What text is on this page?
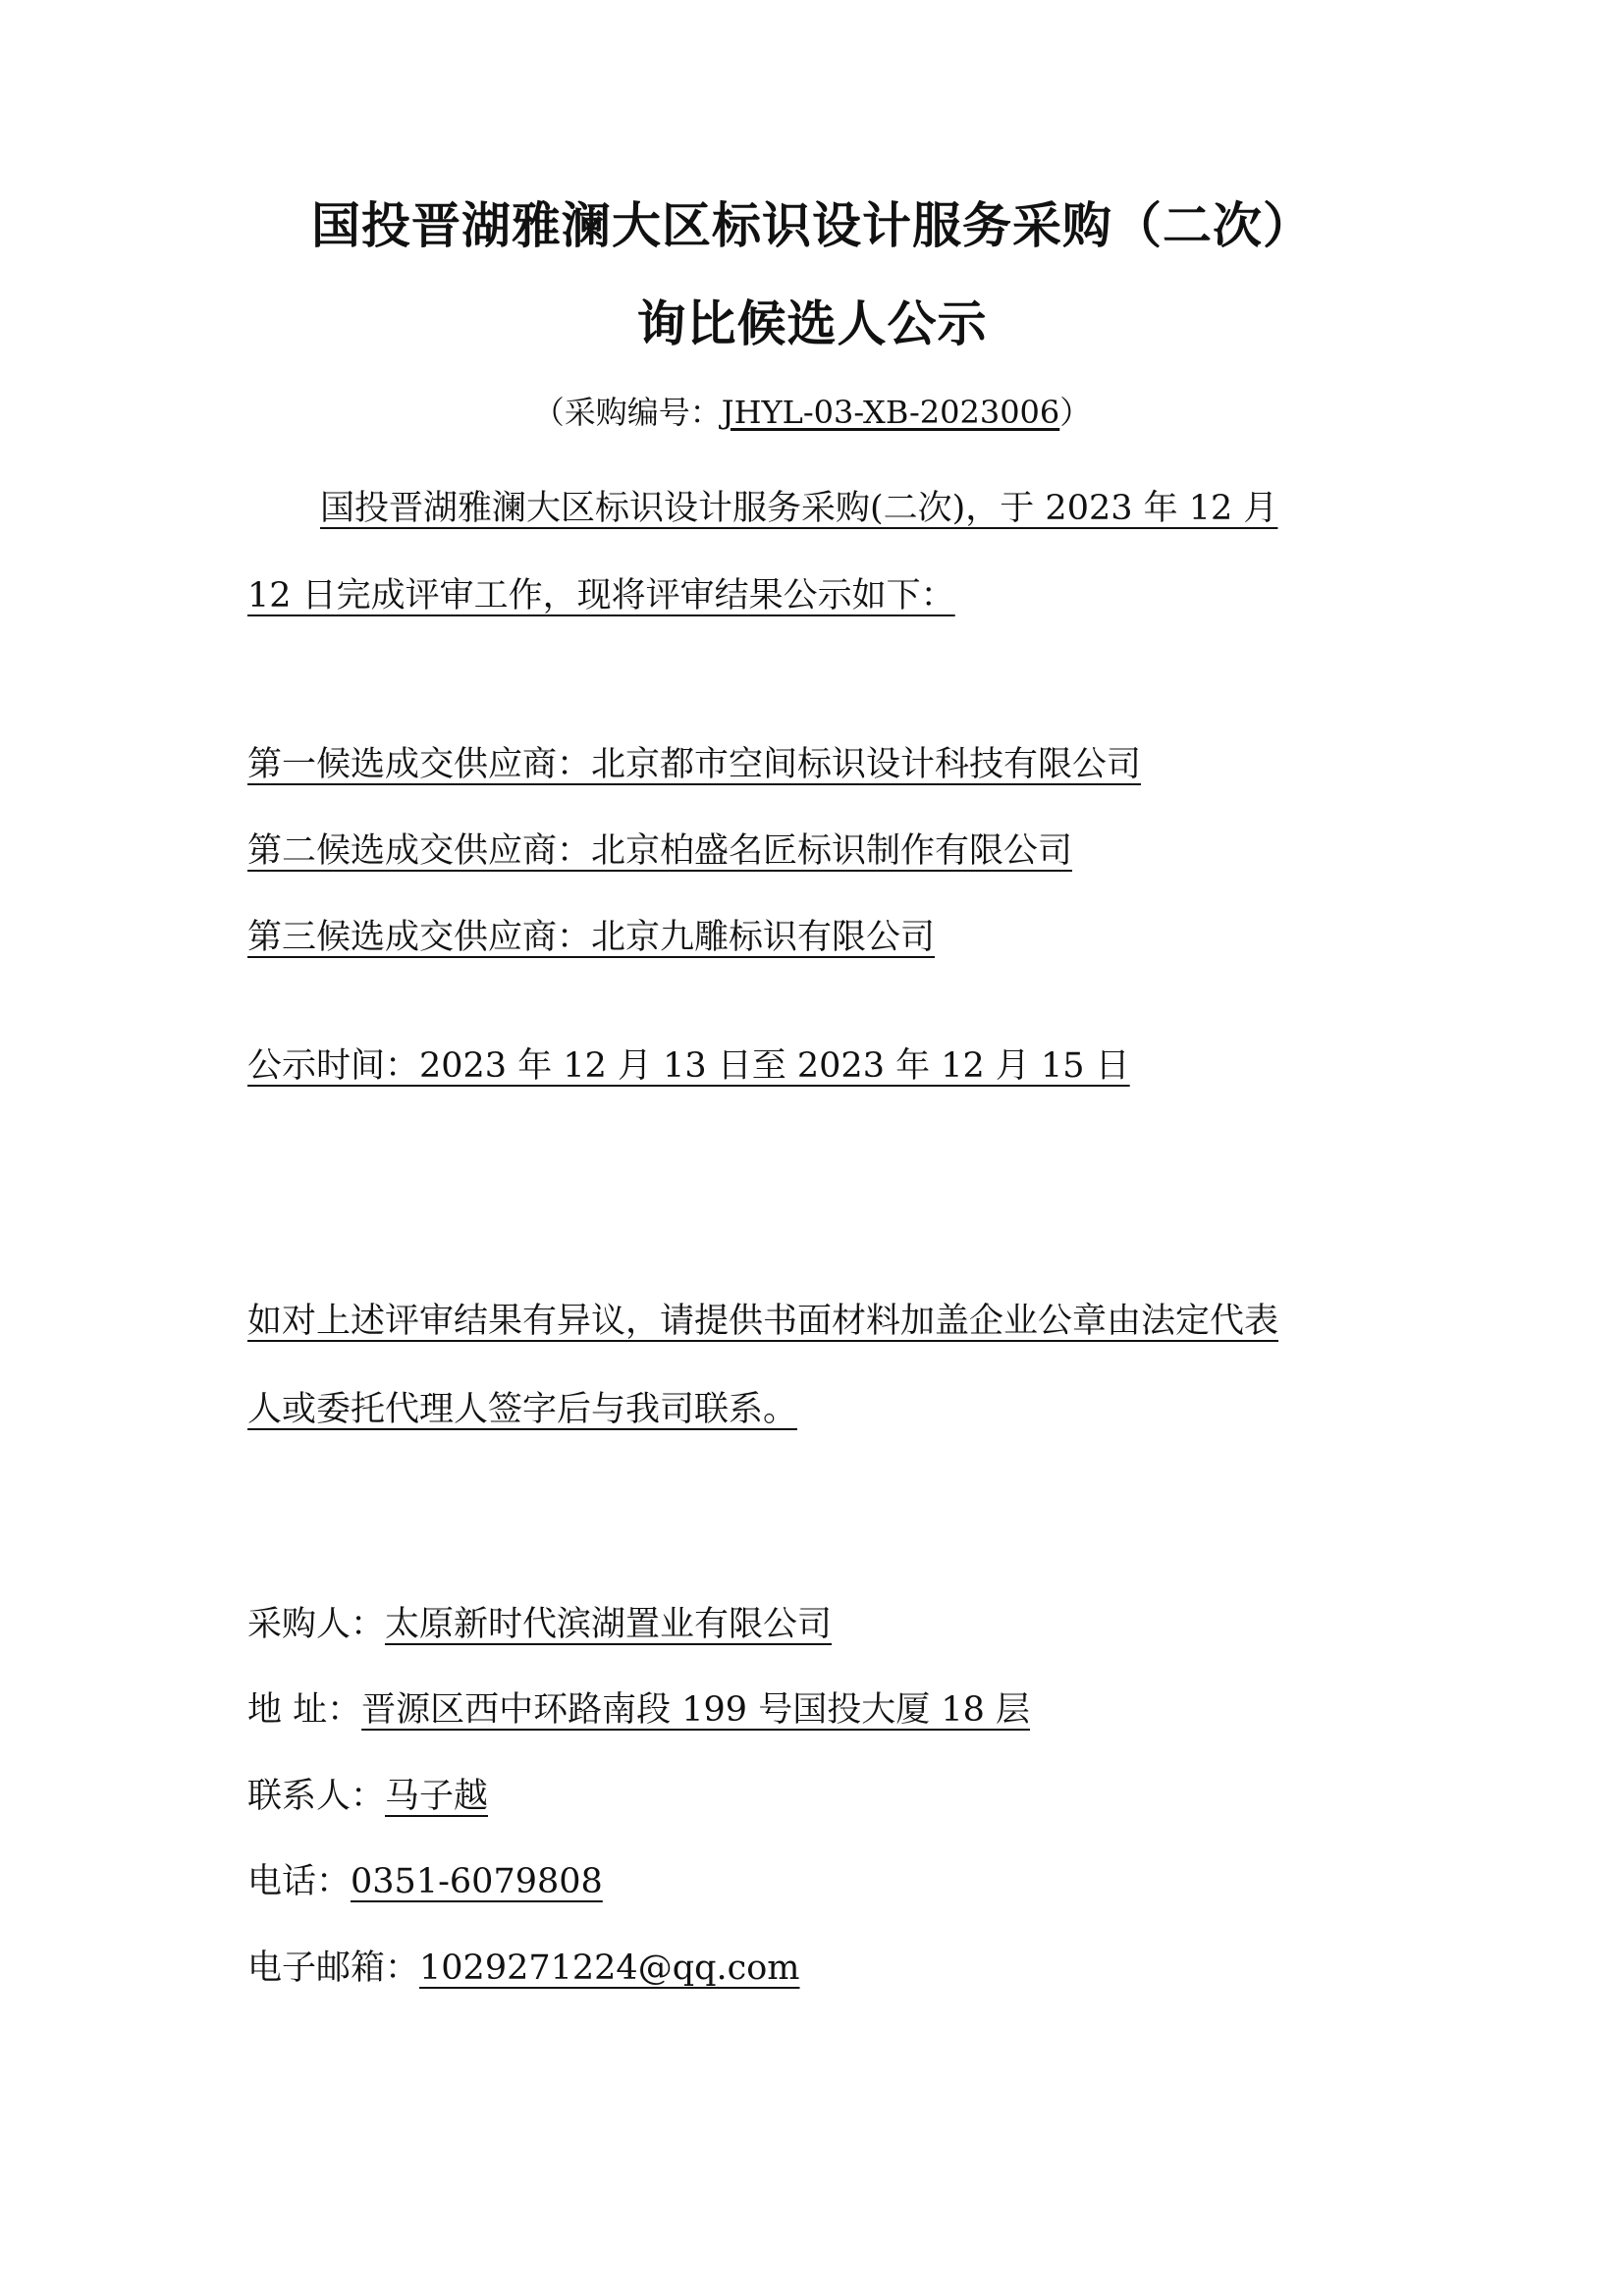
国投晋湖雅澜大区标识设计服务采购（二次）
询比候选人公示
（采购编号：JHYL-03-XB-2023006）
国投晋湖雅澜大区标识设计服务采购(二次)，于 2023 年 12 月
12 日完成评审工作，现将评审结果公示如下：
第一候选成交供应商：北京都市空间标识设计科技有限公司
第二候选成交供应商：北京柏盛名匠标识制作有限公司
第三候选成交供应商：北京九雕标识有限公司
公示时间：2023 年 12 月 13 日至 2023 年 12 月 15 日
如对上述评审结果有异议，请提供书面材料加盖企业公章由法定代表
人或委托代理人签字后与我司联系。
采购人：太原新时代滨湖置业有限公司
地 址：晋源区西中环路南段 199 号国投大厦 18 层
联系人：马子越
电话：0351-6079808
电子邮箱：1029271224@qq.com
